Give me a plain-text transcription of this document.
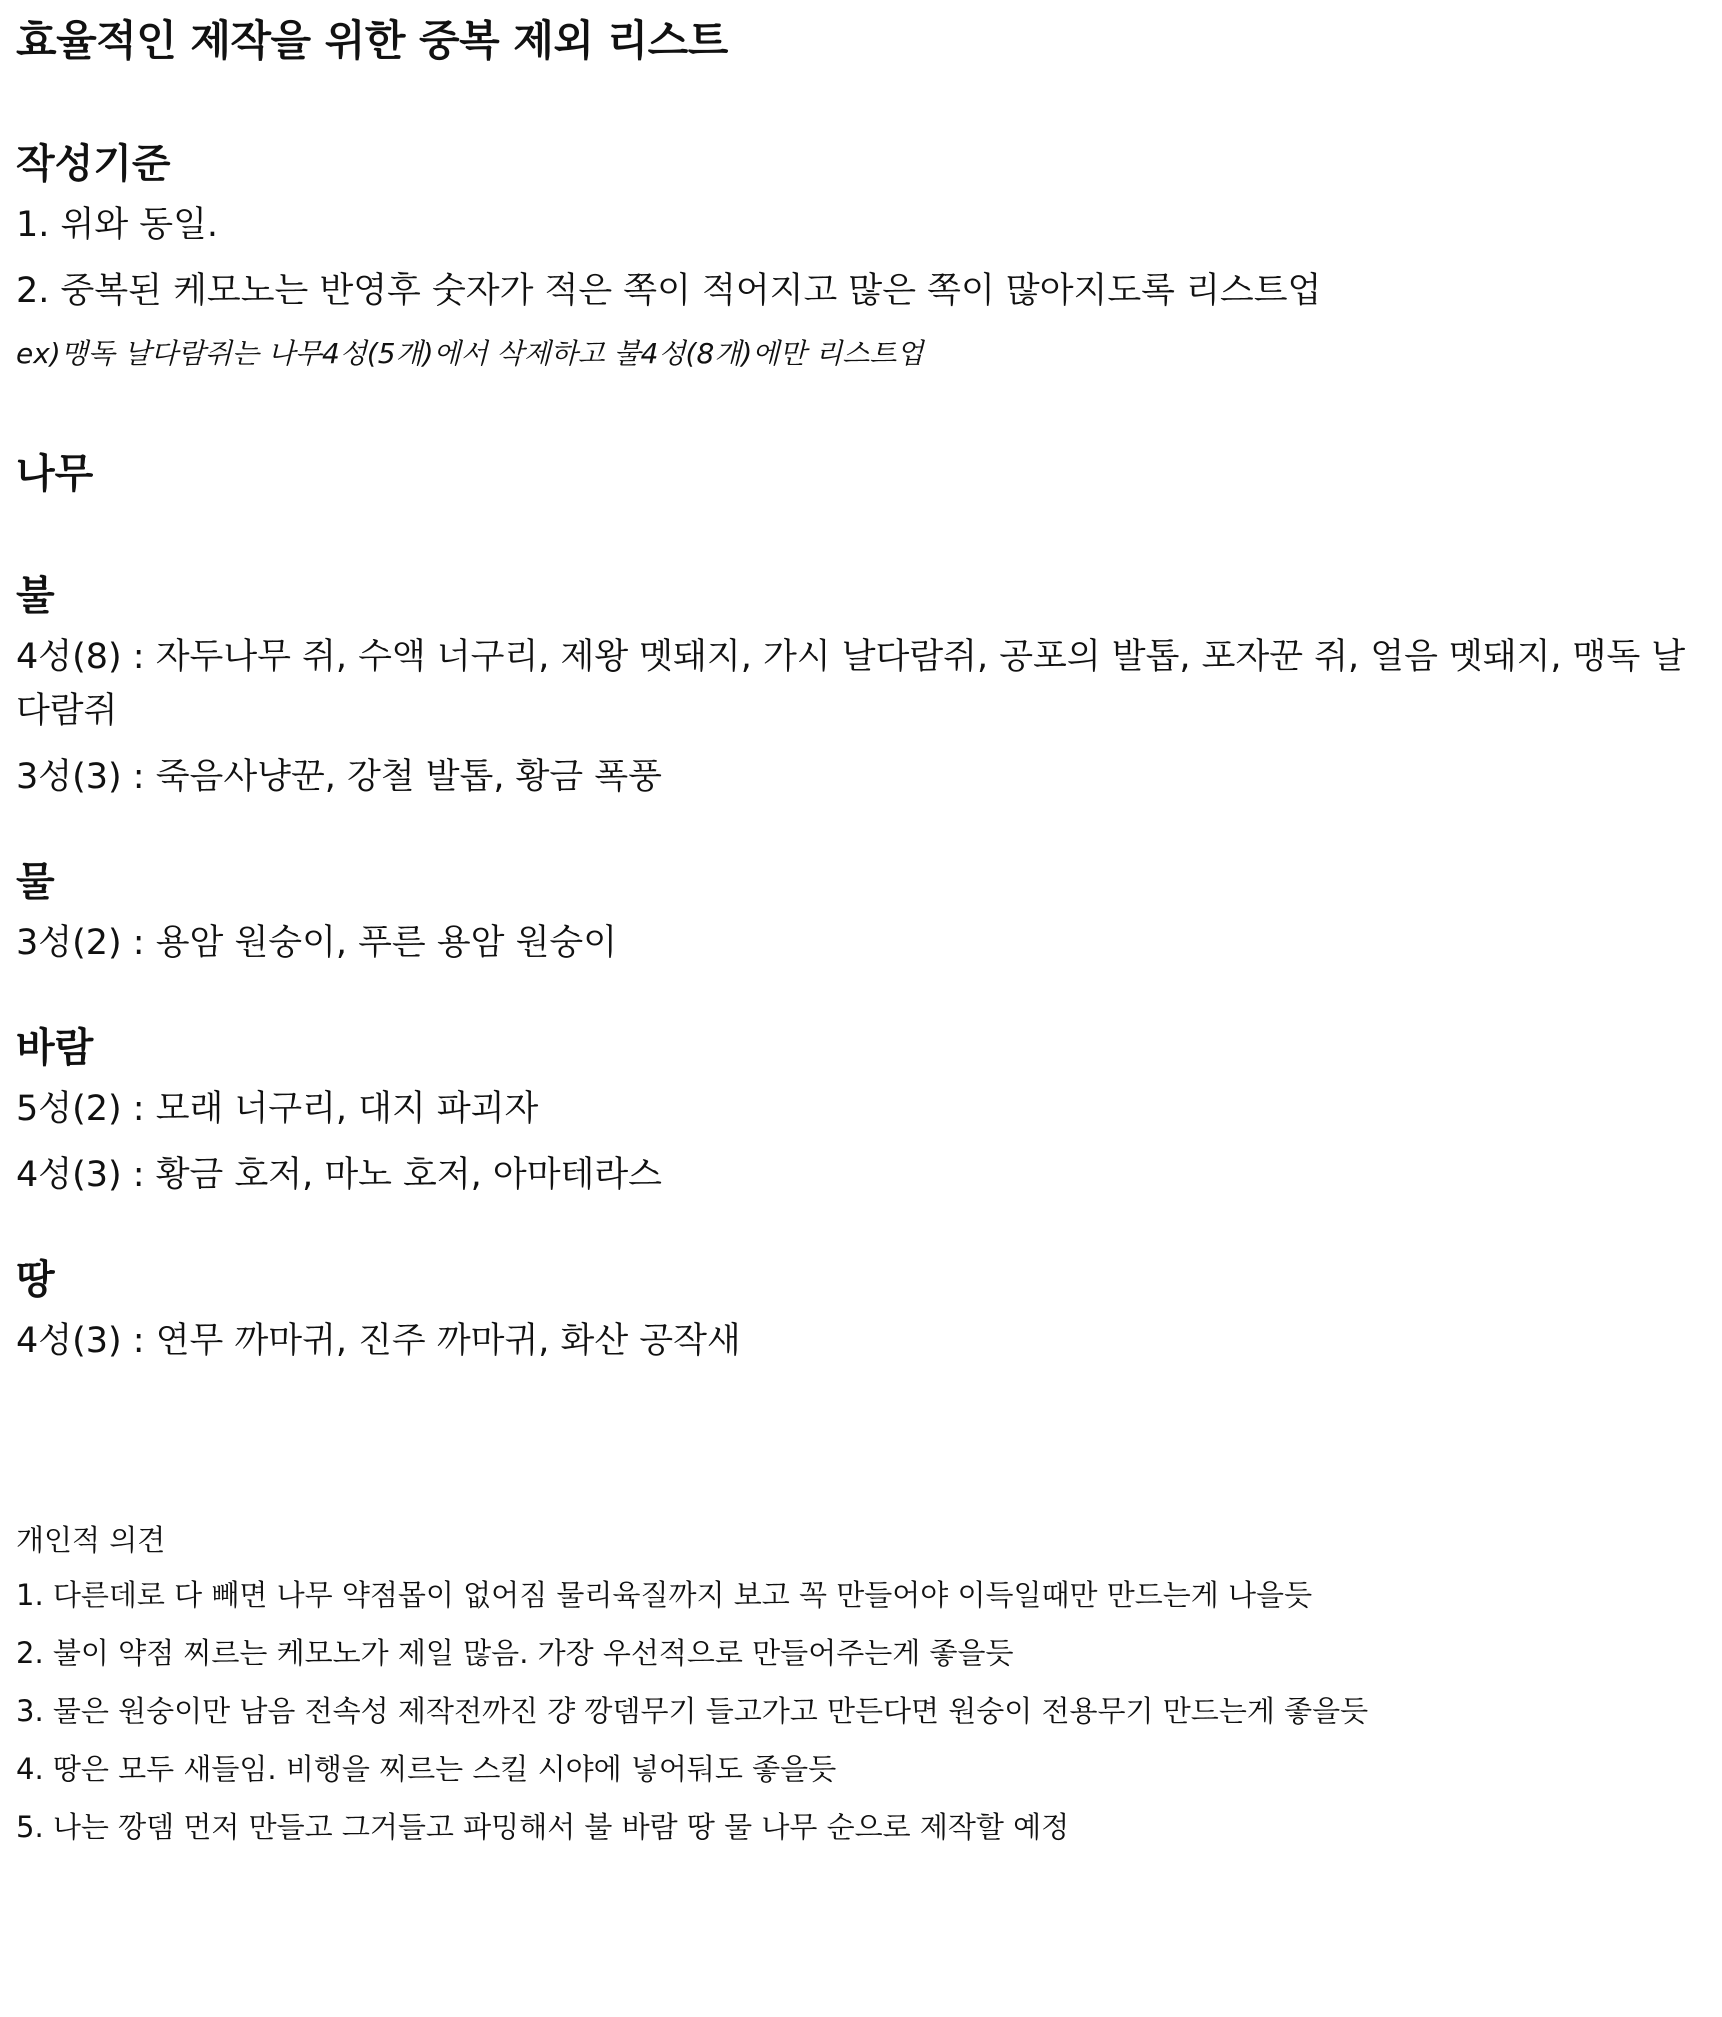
효율적인 제작을 위한 중복 제외 리스트
작성기준

1. 위와 동일.

2. 중복된 케모노는 반영후 숫자가 적은 쪽이 적어지고 많은 쪽이 많아지도록 리스트업

ex)맹독 날다람쥐는 나무4성(5개)에서 삭제하고 불4성(8개)에만 리스트업

나무
불

4성(8) : 자두나무 쥐, 수액 너구리, 제왕 멧돼지, 가시 날다람쥐, 공포의 발톱, 포자꾼 쥐, 얼음 멧돼지, 맹독 날다람쥐

3성(3) : 죽음사냥꾼, 강철 발톱, 황금 폭풍

물

3성(2) : 용암 원숭이, 푸른 용암 원숭이

바람

5성(2) : 모래 너구리, 대지 파괴자

4성(3) : 황금 호저, 마노 호저, 아마테라스

땅

4성(3) : 연무 까마귀, 진주 까마귀, 화산 공작새

개인적 의견

1. 다른데로 다 빼면 나무 약점몹이 없어짐 물리육질까지 보고 꼭 만들어야 이득일때만 만드는게 나을듯

2. 불이 약점 찌르는 케모노가 제일 많음. 가장 우선적으로 만들어주는게 좋을듯

3. 물은 원숭이만 남음 전속성 제작전까진 걍 깡뎀무기 들고가고 만든다면 원숭이 전용무기 만드는게 좋을듯

4. 땅은 모두 새들임. 비행을 찌르는 스킬 시야에 넣어둬도 좋을듯

5. 나는 깡뎀 먼저 만들고 그거들고 파밍해서 불 바람 땅 물 나무 순으로 제작할 예정
